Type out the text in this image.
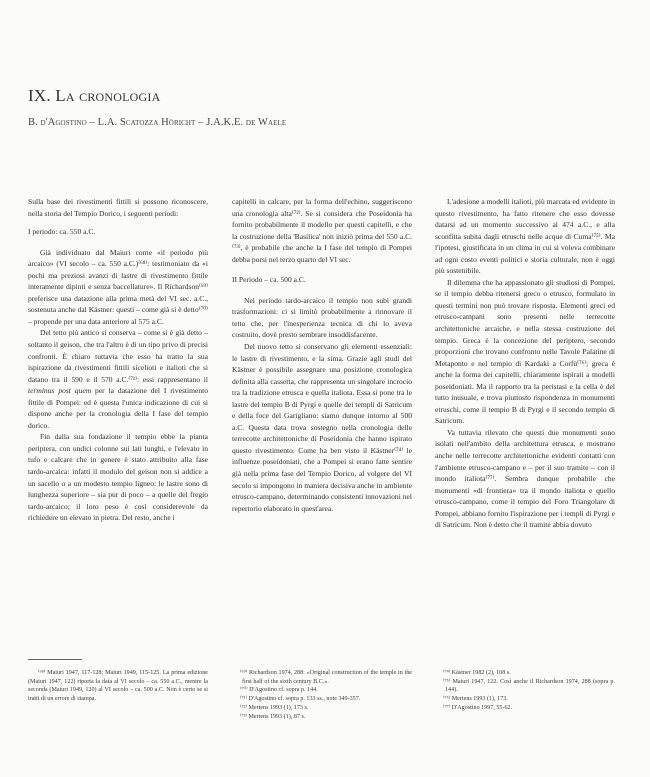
IX. La cronologia
B. d'Agostino – L.A. Scatozza Höricht – J.A.K.E. de Waele

Sulla base dei rivestimenti fittili si possono riconoscere, nella storia del Tempio Dorico, i seguenti periodi:

I periodo: ca. 550 a.C.

Già individuato dal Maiuri come «il periodo più arcaico» (VI secolo – ca. 550 a.C.)⁽⁶⁸⁾: testimoniato da «i pochi ma preziosi avanzi di lastre di rivestimento fittile interamente dipinti e senza baccellature». Il Richardson⁽⁶⁹⁾ preferisce una datazione alla prima metà del VI sec. a.C., sostenuta anche dal Kästner: questi – come già si è detto⁽⁷⁰⁾ – propende per una data anteriore al 575 a.C.

Del tetto più antico si conserva – come si è già detto – soltanto il geison, che tra l'altro è di un tipo privo di precisi confronti. È chiaro tuttavia che esso ha tratto la sua ispirazione da rivestimenti fittili sicelioti e italioti che si datano tra il 590 e il 570 a.C.⁽⁷¹⁾: essi rappresentano il terminus post quem per la datazione del I rivestimento fittile di Pompei: ed è questa l'unica indicazione di cui si dispone anche per la cronologia della I fase del tempio dorico.

Fin dalla sua fondazione il tempio ebbe la pianta periptera, con undici colonne sui lati lunghi, e l'elevato in tufo e calcare che in genere è stato attribuito alla fase tardo-arcaica: infatti il modulo del geison non si addice a un sacello o a un modesto tempio ligneo: le lastre sono di lunghezza superiore – sia pur di poco – a quelle del fregio tardo-arcaico; il loro peso è così considerevole da richiedere un elevato in pietra. Del resto, anche i

capitelli in calcare, per la forma dell'echino, suggeriscono una cronologia alta⁽⁷²⁾. Se si considera che Poseidonia ha fornito probabilmente il modello per questi capitelli, e che la costruzione della 'Basilica' non iniziò prima del 550 a.C.⁽⁷³⁾, è probabile che anche la I fase del tempio di Pompei debba porsi nel terzo quarto del VI sec.

II Periodo – ca. 500 a.C.

Nel periodo tardo-arcaico il tempio non subì grandi trasformazioni: ci si limitò probabilmente a rinnovare il tetto che, per l'inesperienza tecnica di chi lo aveva costruito, dovè presto sembrare insoddisfacente.

Del nuovo tetto si conservano gli elementi essenziali: le lastre di rivestimento, e la sima. Grazie agli studi del Kästner è possibile assegnare una posizione cronologica definita alla cassetta, che rappresenta un singolare incrocio tra la tradizione etrusca e quella italiota. Essa si pone tra le lastre del tempio B di Pyrgi e quelle dei templi di Satricum e della foce del Garigliano: siamo dunque intorno al 500 a.C. Questa data trova sostegno nella cronologia delle terrecotte architettoniche di Poseidonia che hanno ispirato questo rivestimento. Come ha ben visto il Kästner⁽⁷⁴⁾ le influenze poseidoniati, che a Pompei si erano fatte sentire già nella prima fase del Tempio Dorico, al volgere del VI secolo si impongono in maniera decisiva anche in ambiente etrusco-campano, determinando consistenti innovazioni nel repertorio elaborato in quest'area.

L'adesione a modelli italioti, più marcata ed evidente in questo rivestimento, ha fatto ritenere che esso dovesse datarsi ad un momento successivo al 474 a.C., e alla sconfitta subita dagli etruschi nelle acque di Cuma⁽⁷⁵⁾. Ma l'ipotesi, giustificata in un clima in cui si voleva combinare ad ogni costo eventi politici e storia culturale, non è oggi più sostenibile.

Il dilemma che ha appassionato gli studiosi di Pompei, se il tempio debba ritenersi greco o etrusco, formulato in questi termini non può trovare risposta. Elementi greci ed etrusco-campani sono presenti nelle terrecotte architettoniche arcaiche, e nella stessa costruzione del tempio. Greca è la concezione del periptero, secondo proporzioni che trovano confronto nelle Tavole Palatine di Metaponto e nel tempio di Kardaki a Corfù⁽⁷⁶⁾; greca è anche la forma dei capitelli, chiaramente ispirati a modelli poseidoniati. Ma il rapporto tra la peristasi e la cella è del tutto inusuale, e trova piuttosto rispondenza in monumenti etruschi, come il tempio B di Pyrgi e il secondo tempio di Satricum.

Va tuttavia rilevato che questi due monumenti sono isolati nell'ambito della architettura etrusca, e mostrano anche nelle terrecotte architettoniche evidenti contatti con l'ambiente etrusco-campano e – per il suo tramite – con il mondo italiota⁽⁷⁷⁾. Sembra dunque probabile che monumenti «di frontiera» tra il mondo italiota e quello etrusco-campano, come il tempio del Foro Triangolare di Pompei, abbiano fornito l'ispirazione per i templi di Pyrgi e di Satricum. Non è detto che il tramite abbia dovuto

⁽⁶⁸⁾ Maiuri 1947, 117-128; Maiuri 1949, 115-125. La prima edizione (Maiuri 1947, 122) riporta la data al VI secolo – ca. 550 a.C., mentre la seconda (Maiuri 1949, 120) al VI secolo – ca. 500 a.C. Non è certo se si tratti di un errore di stampa.

⁽⁶⁹⁾ Richardson 1974, 288: «Original construction of the temple in the first half of the sixth century B.C.».

⁽⁷⁰⁾ D'Agostino cf. sopra p. 144.

⁽⁷¹⁾ D'Agostino cf. sopra p. 133 ss., note 349-357.

⁽⁷²⁾ Mertens 1993 (1), 173 s.

⁽⁷³⁾ Mertens 1993 (1), 87 s.

⁽⁷⁴⁾ Kästner 1982 (2), 108 s.

⁽⁷⁵⁾ Maiuri 1947, 122. Così anche il Richardson 1974, 288 (sopra p. 144).

⁽⁷⁶⁾ Mertens 1993 (1), 173.

⁽⁷⁷⁾ D'Agostino 1997, 55-62.
